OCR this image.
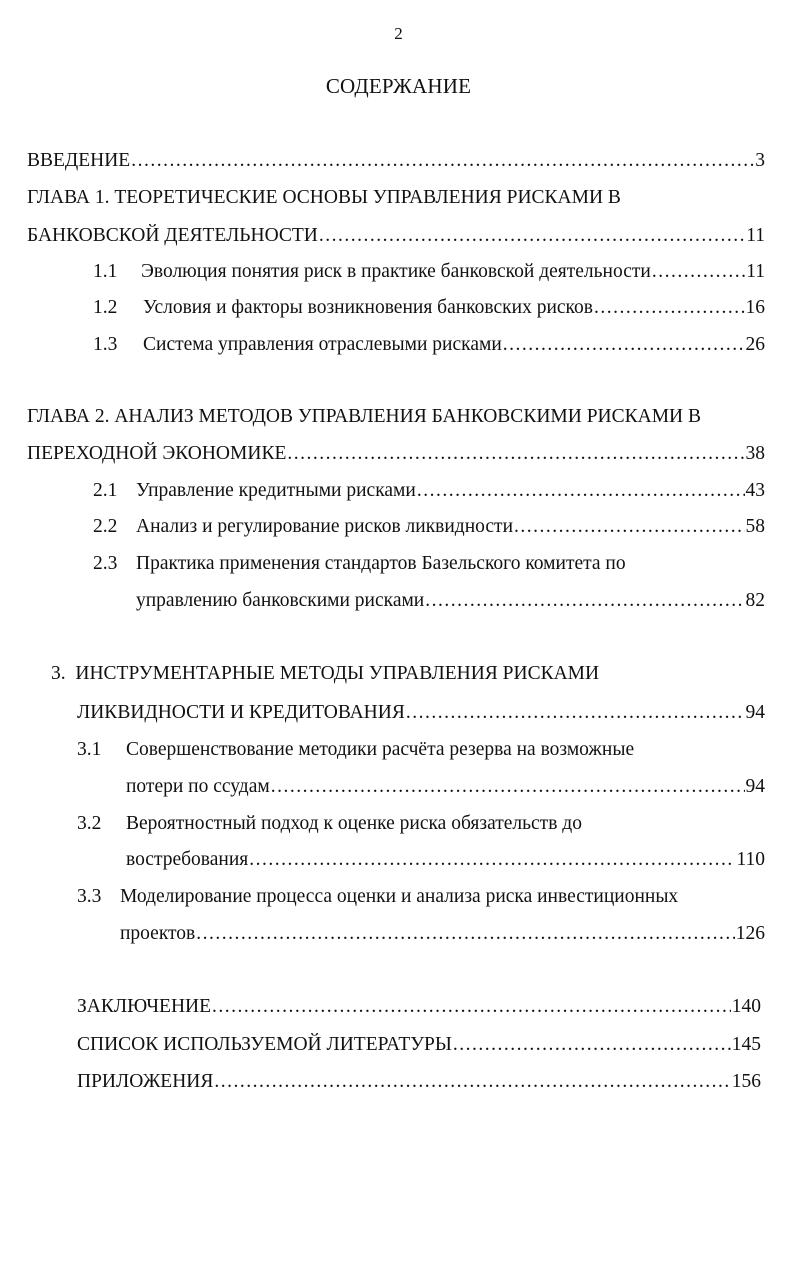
2
СОДЕРЖАНИЕ
ВВЕДЕНИЕ .....	3
ГЛАВА 1. ТЕОРЕТИЧЕСКИЕ ОСНОВЫ УПРАВЛЕНИЯ РИСКАМИ В
БАНКОВСКОЙ ДЕЯТЕЛЬНОСТИ .....	11
1.1	Эволюция понятия риск в практике банковской деятельности .....	11
1.2	Условия и факторы возникновения банковских рисков .....	16
1.3	Система управления отраслевыми рисками .....	26
ГЛАВА 2. АНАЛИЗ МЕТОДОВ УПРАВЛЕНИЯ БАНКОВСКИМИ РИСКАМИ В
ПЕРЕХОДНОЙ ЭКОНОМИКЕ .....	38
2.1 Управление кредитными рисками .....	43
2.2 Анализ и регулирование рисков ликвидности .....	58
2.3 Практика применения стандартов Базельского комитета по
управлению банковскими рисками .....	82
3.  ИНСТРУМЕНТАРНЫЕ МЕТОДЫ УПРАВЛЕНИЯ РИСКАМИ
ЛИКВИДНОСТИ И КРЕДИТОВАНИЯ .....	94
3.1	Совершенствование методики расчёта резерва на возможные
потери по ссудам .....	94
3.2	Вероятностный подход к оценке риска обязательств до
востребования .....	110
3.3 Моделирование процесса оценки и анализа риска инвестиционных
проектов .....	126
ЗАКЛЮЧЕНИЕ .....	140
СПИСОК ИСПОЛЬЗУЕМОЙ ЛИТЕРАТУРЫ .....	145
ПРИЛОЖЕНИЯ .....	156
